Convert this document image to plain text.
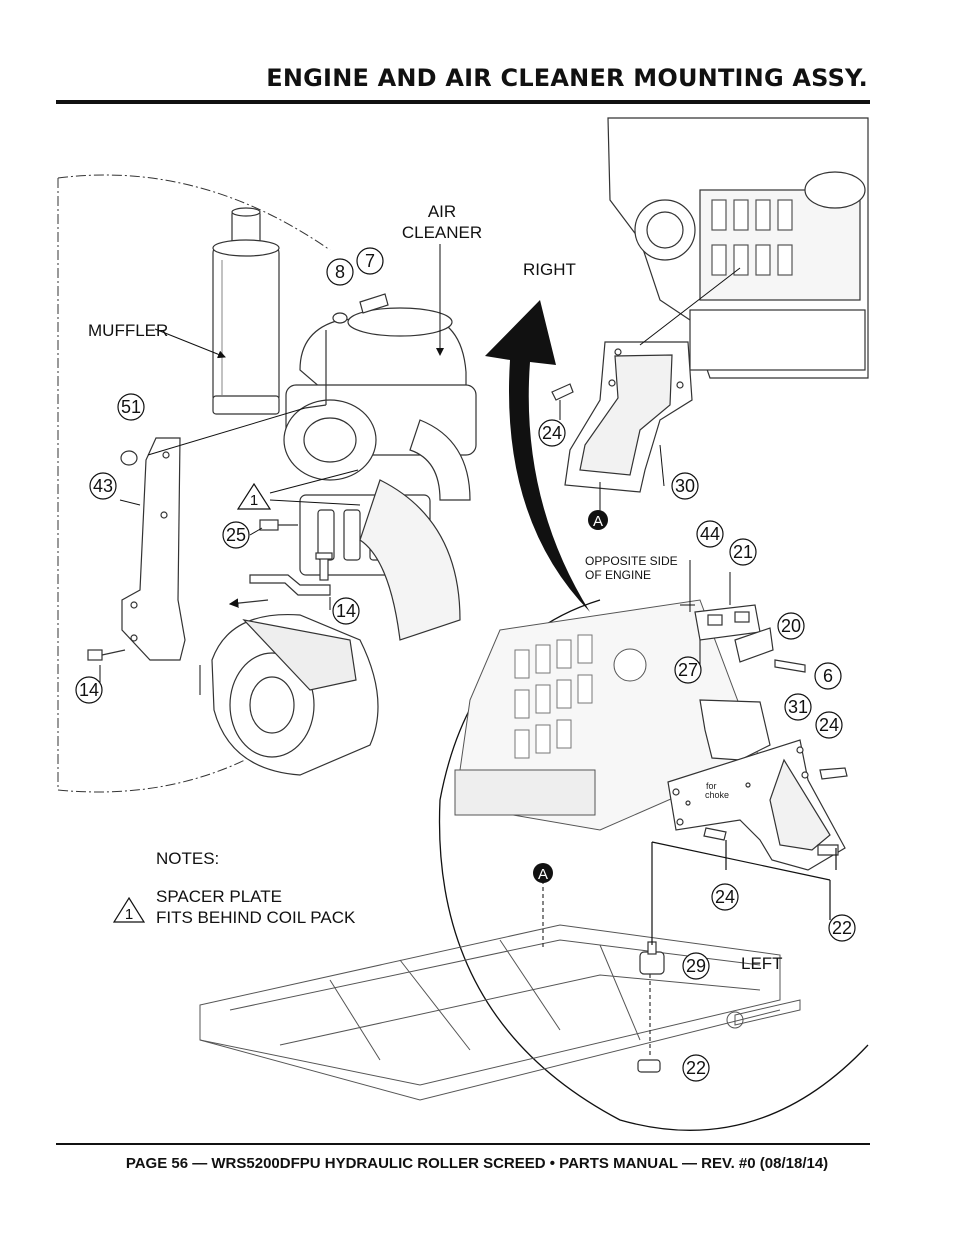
ENGINE AND AIR CLEANER MOUNTING ASSY.
for
choke
8
7
51
43
25
14
14
24
30
44
21
20
6
27
31
24
24
22
29
22
A
A
1
AIR
CLEANER
MUFFLER
RIGHT
LEFT
OPPOSITE SIDE
OF ENGINE
NOTES:
1
SPACER PLATE
FITS BEHIND COIL PACK
PAGE 56 — WRS5200DFPU HYDRAULIC ROLLER SCREED • PARTS MANUAL — REV. #0 (08/18/14)
